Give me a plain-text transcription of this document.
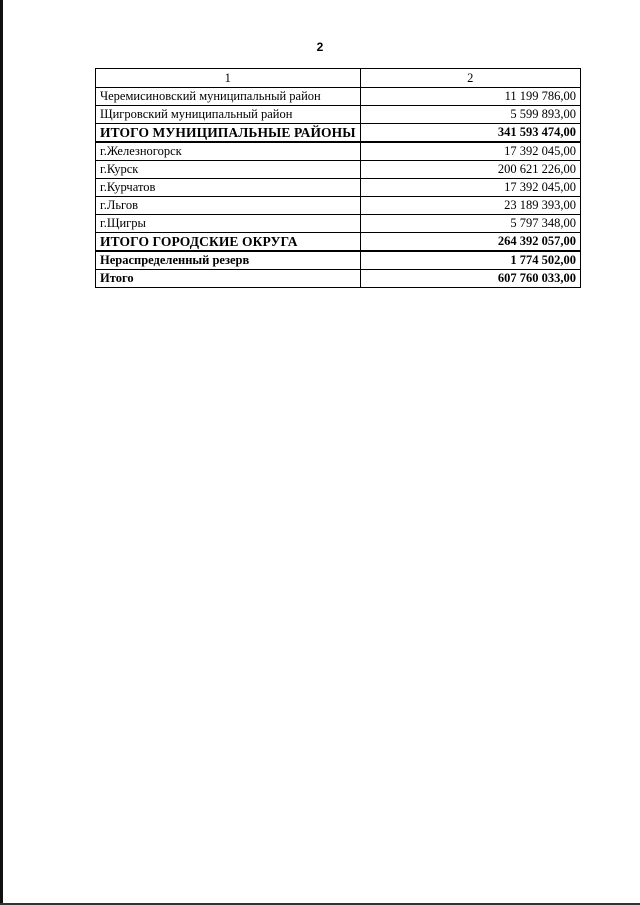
2
1	2
Черемисиновский муниципальный район	11 199 786,00
Щигровский муниципальный район	5 599 893,00
ИТОГО МУНИЦИПАЛЬНЫЕ РАЙОНЫ	341 593 474,00
г.Железногорск	17 392 045,00
г.Курск	200 621 226,00
г.Курчатов	17 392 045,00
г.Льгов	23 189 393,00
г.Щигры	5 797 348,00
ИТОГО ГОРОДСКИЕ ОКРУГА	264 392 057,00
Нераспределенный резерв	1 774 502,00
Итого	607 760 033,00
